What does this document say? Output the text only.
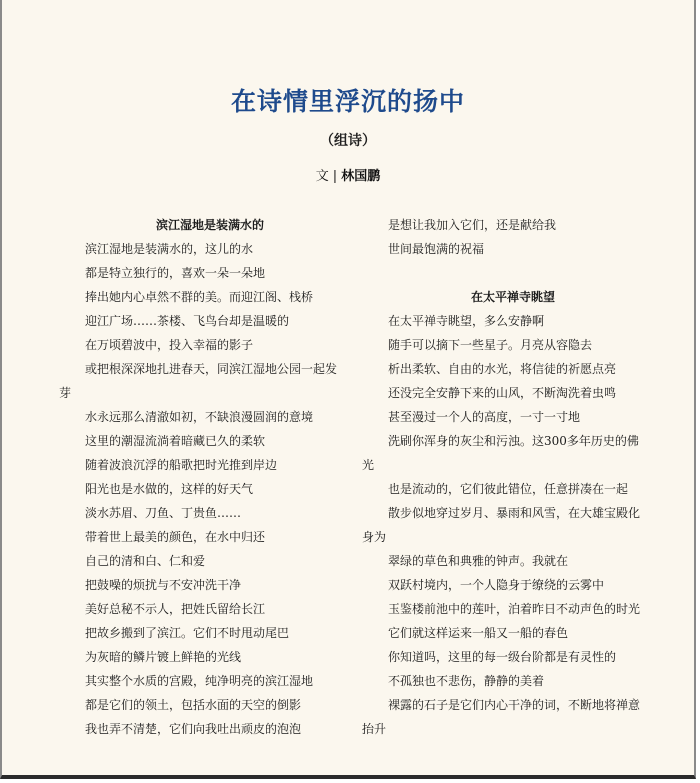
在诗情里浮沉的扬中
（组诗）
文 | 林国鹏
滨江湿地是装满水的
滨江湿地是装满水的，这儿的水
都是特立独行的，喜欢一朵一朵地
捧出她内心卓然不群的美。而迎江阁、栈桥
迎江广场……茶楼、飞鸟台却是温暖的
在万顷碧波中，投入幸福的影子
或把根深深地扎进春天，同滨江湿地公园一起发
芽
水永远那么清澈如初，不缺浪漫圆润的意境
这里的潮湿流淌着暗藏已久的柔软
随着波浪沉浮的船歌把时光推到岸边
阳光也是水做的，这样的好天气
淡水苏眉、刀鱼、丁贵鱼……
带着世上最美的颜色，在水中归还
自己的清和白、仁和爱
把鼓噪的烦扰与不安冲洗干净
美好总秘不示人，把姓氏留给长江
把故乡搬到了滨江。它们不时甩动尾巴
为灰暗的鳞片镀上鲜艳的光线
其实整个水质的宫殿，纯净明亮的滨江湿地
都是它们的领土，包括水面的天空的倒影
我也弄不清楚，它们向我吐出顽皮的泡泡
是想让我加入它们，还是献给我
世间最饱满的祝福
在太平禅寺眺望
在太平禅寺眺望，多么安静啊
随手可以摘下一些星子。月亮从容隐去
析出柔软、自由的水光，将信徒的祈愿点亮
还没完全安静下来的山风，不断淘洗着虫鸣
甚至漫过一个人的高度，一寸一寸地
洗刷你浑身的灰尘和污浊。这300多年历史的佛
光
也是流动的，它们彼此错位，任意拼凑在一起
散步似地穿过岁月、暴雨和风雪，在大雄宝殿化
身为
翠绿的草色和典雅的钟声。我就在
双跃村境内，一个人隐身于缭绕的云雾中
玉鉴楼前池中的莲叶，泊着昨日不动声色的时光
它们就这样运来一船又一船的春色
你知道吗，这里的每一级台阶都是有灵性的
不孤独也不悲伤，静静的美着
裸露的石子是它们内心干净的词，不断地将禅意
抬升
